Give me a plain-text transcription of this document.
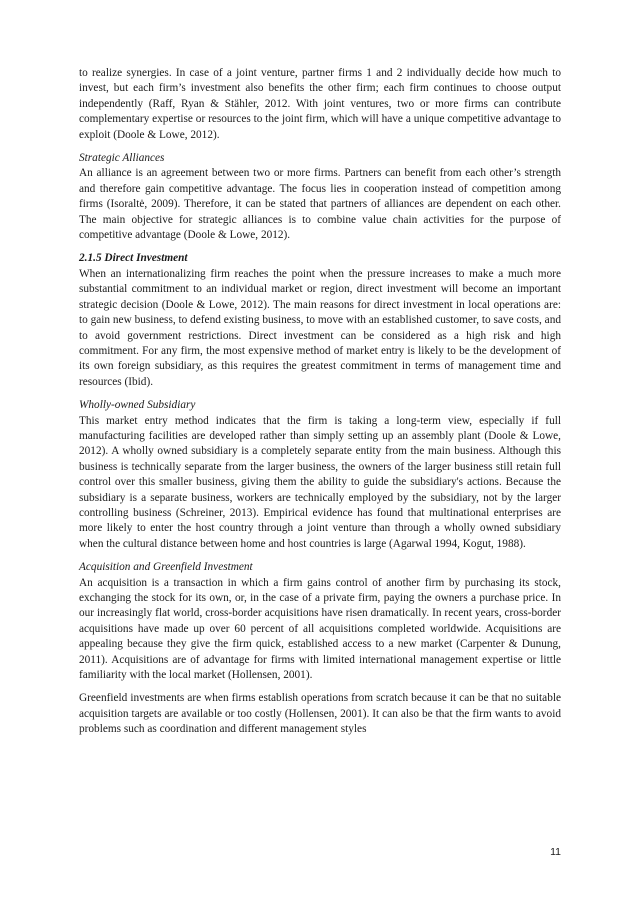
to realize synergies. In case of a joint venture, partner firms 1 and 2 individually decide how much to invest, but each firm’s investment also benefits the other firm; each firm continues to choose output independently (Raff, Ryan & Stähler, 2012. With joint ventures, two or more firms can contribute complementary expertise or resources to the joint firm, which will have a unique competitive advantage to exploit (Doole & Lowe, 2012).

Strategic Alliances
An alliance is an agreement between two or more firms. Partners can benefit from each other’s strength and therefore gain competitive advantage. The focus lies in cooperation instead of competition among firms (Isoraltė, 2009). Therefore, it can be stated that partners of alliances are dependent on each other. The main objective for strategic alliances is to combine value chain activities for the purpose of competitive advantage (Doole & Lowe, 2012).

2.1.5 Direct Investment
When an internationalizing firm reaches the point when the pressure increases to make a much more substantial commitment to an individual market or region, direct investment will become an important strategic decision (Doole & Lowe, 2012). The main reasons for direct investment in local operations are: to gain new business, to defend existing business, to move with an established customer, to save costs, and to avoid government restrictions. Direct investment can be considered as a high risk and high commitment. For any firm, the most expensive method of market entry is likely to be the development of its own foreign subsidiary, as this requires the greatest commitment in terms of management time and resources (Ibid).

Wholly-owned Subsidiary
This market entry method indicates that the firm is taking a long-term view, especially if full manufacturing facilities are developed rather than simply setting up an assembly plant (Doole & Lowe, 2012). A wholly owned subsidiary is a completely separate entity from the main business. Although this business is technically separate from the larger business, the owners of the larger business still retain full control over this smaller business, giving them the ability to guide the subsidiary's actions. Because the subsidiary is a separate business, workers are technically employed by the subsidiary, not by the larger controlling business (Schreiner, 2013). Empirical evidence has found that multinational enterprises are more likely to enter the host country through a joint venture than through a wholly owned subsidiary when the cultural distance between home and host countries is large (Agarwal 1994, Kogut, 1988).

Acquisition and Greenfield Investment
An acquisition is a transaction in which a firm gains control of another firm by purchasing its stock, exchanging the stock for its own, or, in the case of a private firm, paying the owners a purchase price. In our increasingly flat world, cross-border acquisitions have risen dramatically. In recent years, cross-border acquisitions have made up over 60 percent of all acquisitions completed worldwide. Acquisitions are appealing because they give the firm quick, established access to a new market (Carpenter & Dunung, 2011). Acquisitions are of advantage for firms with limited international management expertise or little familiarity with the local market (Hollensen, 2001).

Greenfield investments are when firms establish operations from scratch because it can be that no suitable acquisition targets are available or too costly (Hollensen, 2001). It can also be that the firm wants to avoid problems such as coordination and different management styles

11
